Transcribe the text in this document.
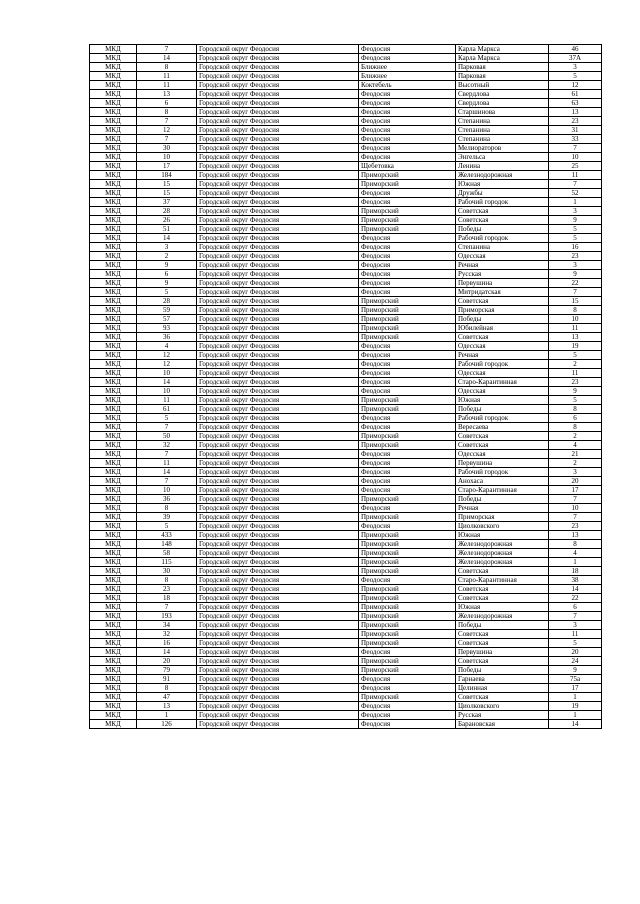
МКД	7	Городской округ Феодосия	Феодосия	Карла Маркса	46
МКД	14	Городской округ Феодосия	Феодосия	Карла Маркса	37А
МКД	8	Городской округ Феодосия	Ближнее	Парковая	3
МКД	11	Городской округ Феодосия	Ближнее	Парковая	5
МКД	11	Городской округ Феодосия	Коктебель	Высотный	12
МКД	13	Городской округ Феодосия	Феодосия	Свердлова	61
МКД	6	Городской округ Феодосия	Феодосия	Свердлова	63
МКД	8	Городской округ Феодосия	Феодосия	Старшинова	13
МКД	7	Городской округ Феодосия	Феодосия	Степанина	23
МКД	12	Городской округ Феодосия	Феодосия	Степанина	31
МКД	7	Городской округ Феодосия	Феодосия	Степанина	33
МКД	30	Городской округ Феодосия	Феодосия	Мелиораторов	7
МКД	10	Городской округ Феодосия	Феодосия	Энгельса	10
МКД	17	Городской округ Феодосия	Щебетовка	Ленина	25
МКД	184	Городской округ Феодосия	Приморский	Железнодорожная	11
МКД	15	Городской округ Феодосия	Приморский	Южная	7
МКД	15	Городской округ Феодосия	Феодосия	Дружбы	52
МКД	37	Городской округ Феодосия	Феодосия	Рабочий городок	1
МКД	28	Городской округ Феодосия	Приморский	Советская	3
МКД	26	Городской округ Феодосия	Приморский	Советская	9
МКД	51	Городской округ Феодосия	Приморский	Победы	5
МКД	14	Городской округ Феодосия	Феодосия	Рабочий городок	5
МКД	3	Городской округ Феодосия	Феодосия	Степанина	16
МКД	2	Городской округ Феодосия	Феодосия	Одесская	23
МКД	9	Городской округ Феодосия	Феодосия	Речная	3
МКД	6	Городской округ Феодосия	Феодосия	Русская	9
МКД	9	Городской округ Феодосия	Феодосия	Первушина	22
МКД	5	Городской округ Феодосия	Феодосия	Митридатская	7
МКД	28	Городской округ Феодосия	Приморский	Советская	15
МКД	59	Городской округ Феодосия	Приморский	Приморская	8
МКД	57	Городской округ Феодосия	Приморский	Победы	10
МКД	93	Городской округ Феодосия	Приморский	Юбилейная	11
МКД	36	Городской округ Феодосия	Приморский	Советская	13
МКД	4	Городской округ Феодосия	Феодосия	Одесская	19
МКД	12	Городской округ Феодосия	Феодосия	Речная	5
МКД	12	Городской округ Феодосия	Феодосия	Рабочий городок	2
МКД	10	Городской округ Феодосия	Феодосия	Одесская	11
МКД	14	Городской округ Феодосия	Феодосия	Старо-Карантинная	23
МКД	10	Городской округ Феодосия	Феодосия	Одесская	9
МКД	11	Городской округ Феодосия	Приморский	Южная	5
МКД	61	Городской округ Феодосия	Приморский	Победы	8
МКД	5	Городской округ Феодосия	Феодосия	Рабочий городок	6
МКД	7	Городской округ Феодосия	Феодосия	Вересаева	8
МКД	50	Городской округ Феодосия	Приморский	Советская	2
МКД	32	Городской округ Феодосия	Приморский	Советская	4
МКД	7	Городской округ Феодосия	Феодосия	Одесская	21
МКД	11	Городской округ Феодосия	Феодосия	Первушина	2
МКД	14	Городской округ Феодосия	Феодосия	Рабочий городок	3
МКД	7	Городской округ Феодосия	Феодосия	Анохаса	20
МКД	10	Городской округ Феодосия	Феодосия	Старо-Карантинная	17
МКД	36	Городской округ Феодосия	Приморский	Победы	7
МКД	8	Городской округ Феодосия	Феодосия	Речная	10
МКД	39	Городской округ Феодосия	Приморский	Приморская	7
МКД	5	Городской округ Феодосия	Феодосия	Циолковского	23
МКД	433	Городской округ Феодосия	Приморский	Южная	13
МКД	148	Городской округ Феодосия	Приморский	Железнодорожная	8
МКД	58	Городской округ Феодосия	Приморский	Железнодорожная	4
МКД	115	Городской округ Феодосия	Приморский	Железнодорожная	1
МКД	30	Городской округ Феодосия	Приморский	Советская	18
МКД	8	Городской округ Феодосия	Феодосия	Старо-Карантинная	38
МКД	23	Городской округ Феодосия	Приморский	Советская	14
МКД	18	Городской округ Феодосия	Приморский	Советская	22
МКД	7	Городской округ Феодосия	Приморский	Южная	6
МКД	193	Городской округ Феодосия	Приморский	Железнодорожная	7
МКД	34	Городской округ Феодосия	Приморский	Победы	3
МКД	32	Городской округ Феодосия	Приморский	Советская	11
МКД	16	Городской округ Феодосия	Приморский	Советская	5
МКД	14	Городской округ Феодосия	Феодосия	Первушина	20
МКД	20	Городской округ Феодосия	Приморский	Советская	24
МКД	79	Городской округ Феодосия	Приморский	Победы	9
МКД	91	Городской округ Феодосия	Феодосия	Гарнаева	75а
МКД	8	Городской округ Феодосия	Феодосия	Целинная	17
МКД	47	Городской округ Феодосия	Приморский	Советская	1
МКД	13	Городской округ Феодосия	Феодосия	Циолковского	19
МКД	1	Городской округ Феодосия	Феодосия	Русская	1
МКД	126	Городской округ Феодосия	Феодосия	Барановская	14
